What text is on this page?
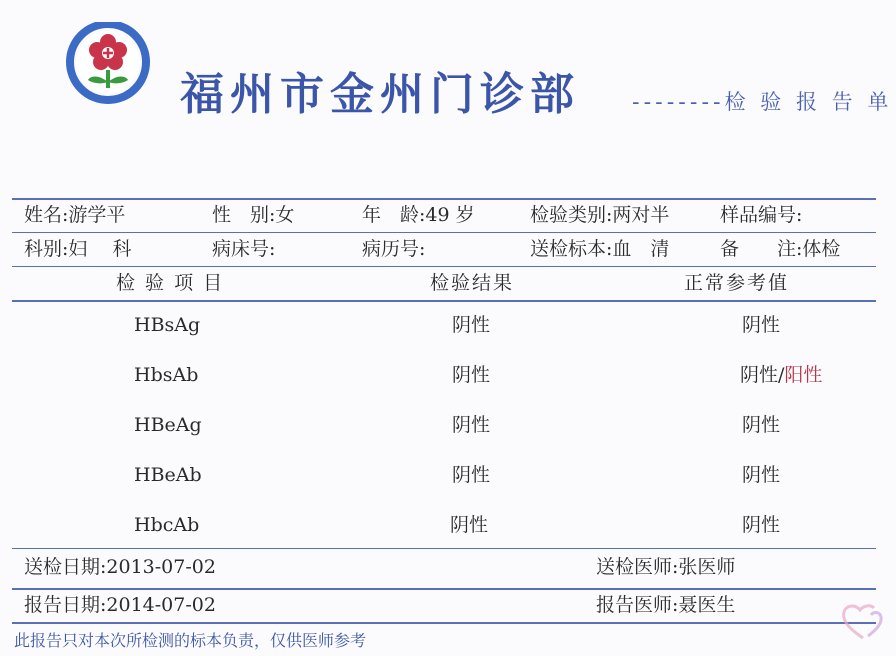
福州市金州门诊部 --------检 验 报 告 单
姓名:游学平	性　别:女	年　龄:49 岁	检验类别:两对半	样品编号:
科别:妇　 科	病床号:	病历号:	送检标本:血　清	备　　注:体检
检 验 项 目	检验结果	正常参考值
HBsAg	阴性	阴性
HbsAb	阴性	阴性/阳性
HBeAg	阴性	阴性
HBeAb	阴性	阴性
HbcAb	阴性	阴性
送检日期:2013-07-02	送检医师:张医师
报告日期:2014-07-02	报告医师:聂医生
此报告只对本次所检测的标本负责，仅供医师参考
